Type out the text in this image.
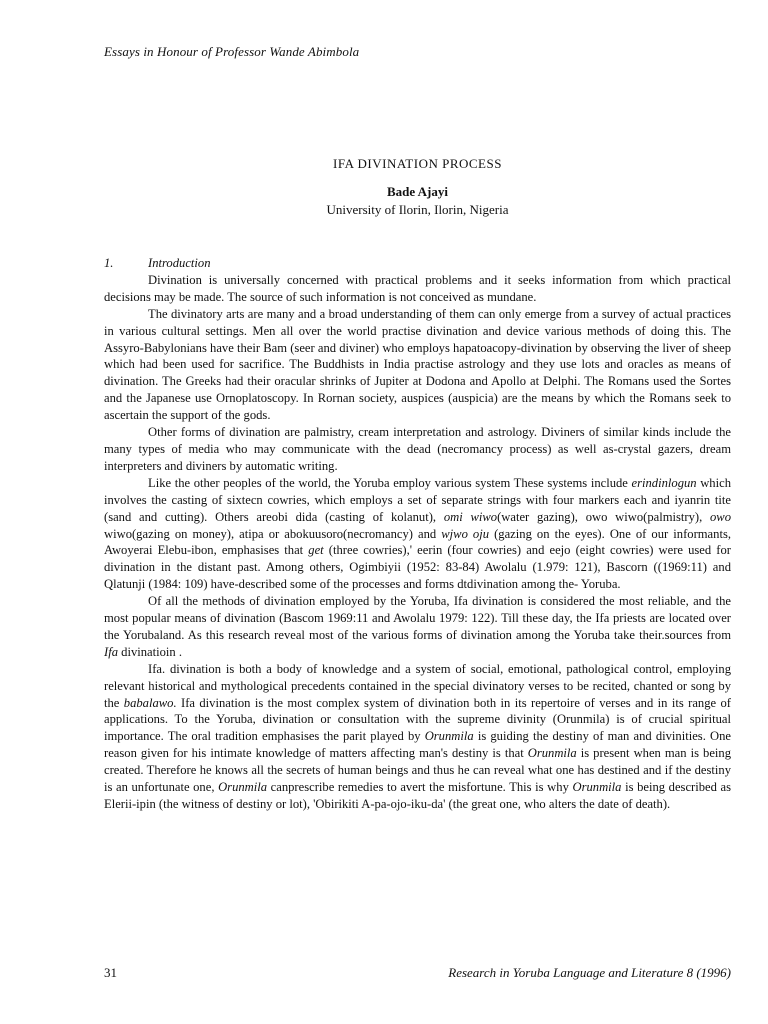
Essays in Honour of Professor Wande Abimbola
IFA DIVINATION PROCESS
Bade Ajayi
University of Ilorin, Ilorin, Nigeria
1.	Introduction

Divination is universally concerned with practical problems and it seeks information from which practical decisions may be made. The source of such information is not conceived as mundane.

The divinatory arts are many and a broad understanding of them can only emerge from a survey of actual practices in various cultural settings. Men all over the world practise divination and device various methods of doing this. The Assyro-Babylonians have their Bam (seer and diviner) who employs hapatoacopy-divination by observing the liver of sheep which had been used for sacrifice. The Buddhists in India practise astrology and they use lots and oracles as means of divination. The Greeks had their oracular shrinks of Jupiter at Dodona and Apollo at Delphi. The Romans used the Sortes and the Japanese use Ornoplatoscopy. In Rornan society, auspices (auspicia) are the means by which the Romans seek to ascertain the support of the gods.

Other forms of divination are palmistry, cream interpretation and astrology. Diviners of similar kinds include the many types of media who may communicate with the dead (necromancy process) as well as-crystal gazers, dream interpreters and diviners by automatic writing.

Like the other peoples of the world, the Yoruba employ various system These systems include erindinlogun which involves the casting of sixtecn cowries, which employs a set of separate strings with four markers each and iyanrin tite (sand and cutting). Others areobi dida (casting of kolanut), omi wiwo(water gazing), owo wiwo(palmistry), owo wiwo(gazing on money), atipa or abokuusoro(necromancy) and wjwo oju (gazing on the eyes). One of our informants, Awoyerai Elebu-ibon, emphasises that get (three cowries),' eerin (four cowries) and eejo (eight cowries) were used for divination in the distant past. Among others, Ogimbiyii (1952: 83-84) Awolalu (1.979: 121), Bascorn ((1969:11) and Qlatunji (1984: 109) have-described some of the processes and forms dtdivination among the- Yoruba.

Of all the methods of divination employed by the Yoruba, Ifa divination is considered the most reliable, and the most popular means of divination (Bascom 1969:11 and Awolalu 1979: 122). Till these day, the Ifa priests are located over the Yorubaland. As this research reveal most of the various forms of divination among the Yoruba take their.sources from Ifa divinatioin .

Ifa. divination is both a body of knowledge and a system of social, emotional, pathological control, employing relevant historical and mythological precedents contained in the special divinatory verses to be recited, chanted or song by the babalawo. Ifa divination is the most complex system of divination both in its repertoire of verses and in its range of applications. To the Yoruba, divination or consultation with the supreme divinity (Orunmila) is of crucial spiritual importance. The oral tradition emphasises the parit played by Orunmila is guiding the destiny of man and divinities. One reason given for his intimate knowledge of matters affecting man's destiny is that Orunmila is present when man is being created. Therefore he knows all the secrets of human beings and thus he can reveal what one has destined and if the destiny is an unfortunate one, Orunmila canprescribe remedies to avert the misfortune. This is why Orunmila is being described as Elerii-ipin (the witness of destiny or lot), 'Obirikiti A-pa-ojo-iku-da' (the great one, who alters the date of death).

31	Research in Yoruba Language and Literature 8 (1996)
